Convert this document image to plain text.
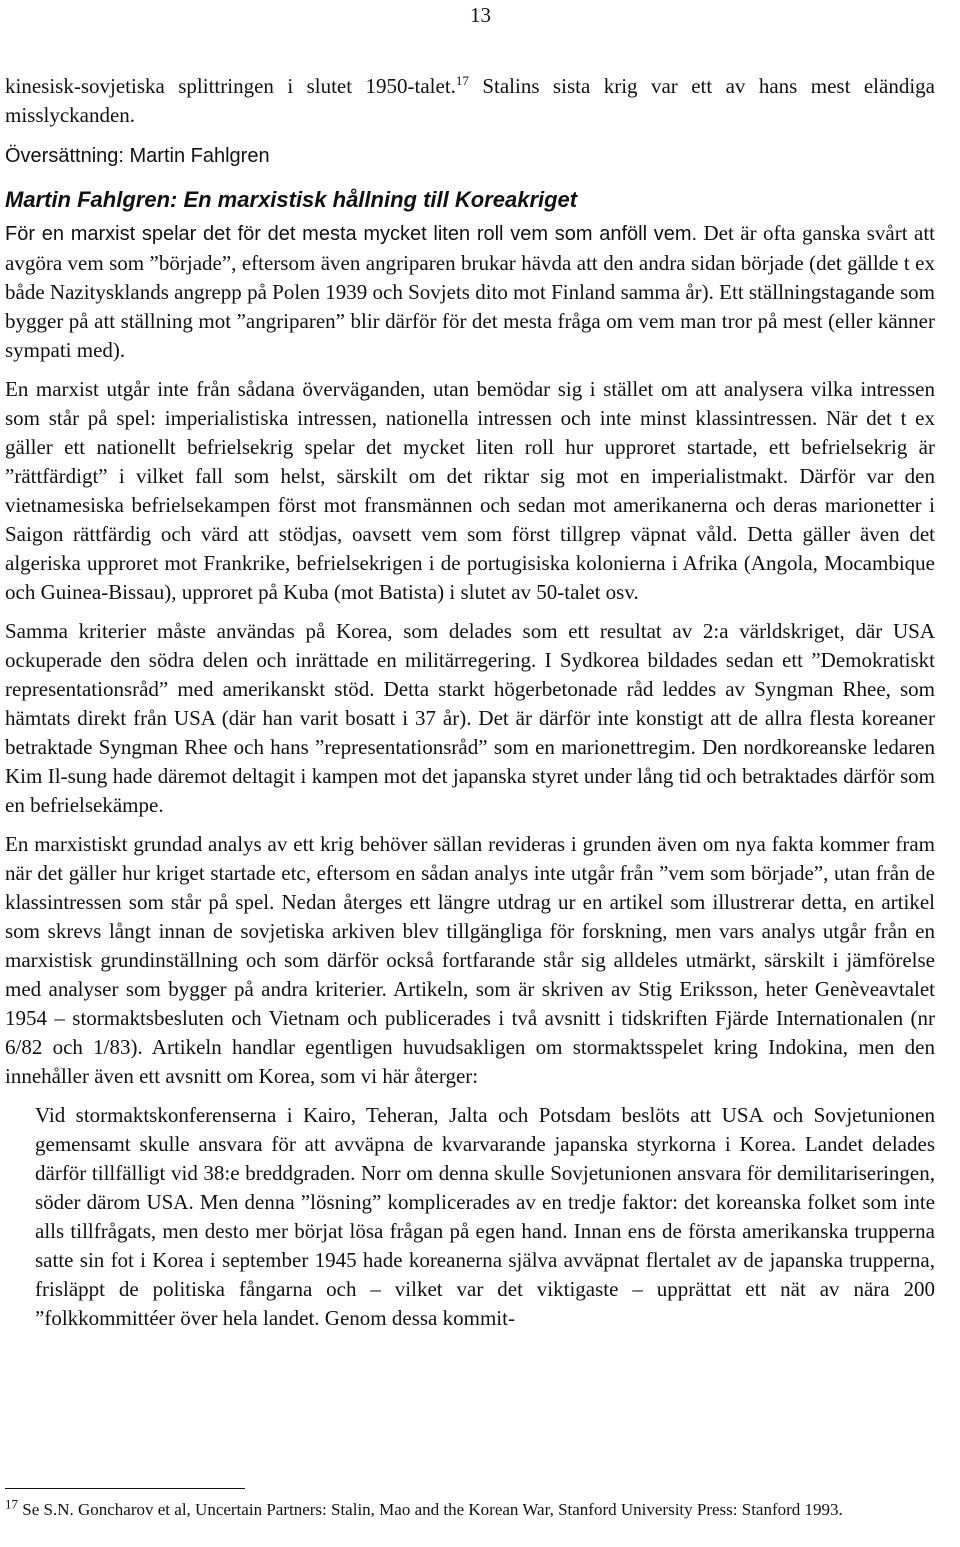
13

kinesisk-sovjetiska splittringen i slutet 1950-talet.$^{17}$ Stalins sista krig var ett av hans mest eländiga misslyckanden.

Översättning: Martin Fahlgren

Martin Fahlgren: En marxistisk hållning till Koreakriget

För en marxist spelar det för det mesta mycket liten roll vem som anföll vem. Det är ofta ganska svårt att avgöra vem som ”började”, eftersom även angriparen brukar hävda att den andra sidan började (det gällde t ex både Nazitysklands angrepp på Polen 1939 och Sovjets dito mot Finland samma år). Ett ställningstagande som bygger på att ställning mot ”angriparen” blir därför för det mesta fråga om vem man tror på mest (eller känner sympati med).

En marxist utgår inte från sådana överväganden, utan bemödar sig i stället om att analysera vilka intressen som står på spel: imperialistiska intressen, nationella intressen och inte minst klassintressen. När det t ex gäller ett nationellt befrielsekrig spelar det mycket liten roll hur upproret startade, ett befrielsekrig är ”rättfärdigt” i vilket fall som helst, särskilt om det riktar sig mot en imperialistmakt. Därför var den vietnamesiska befrielsekampen först mot fransmännen och sedan mot amerikanerna och deras marionetter i Saigon rättfärdig och värd att stödjas, oavsett vem som först tillgrep väpnat våld. Detta gäller även det algeriska upproret mot Frankrike, befrielsekrigen i de portugisiska kolonierna i Afrika (Angola, Mocambique och Guinea-Bissau), upproret på Kuba (mot Batista) i slutet av 50-talet osv.

Samma kriterier måste användas på Korea, som delades som ett resultat av 2:a världskriget, där USA ockuperade den södra delen och inrättade en militärregering. I Sydkorea bildades sedan ett ”Demokratiskt representationsråd” med amerikanskt stöd. Detta starkt högerbetonade råd leddes av Syngman Rhee, som hämtats direkt från USA (där han varit bosatt i 37 år). Det är därför inte konstigt att de allra flesta koreaner betraktade Syngman Rhee och hans ”representationsråd” som en marionettregim. Den nordkoreanske ledaren Kim Il-sung hade däremot deltagit i kampen mot det japanska styret under lång tid och betraktades därför som en befrielsekämpe.

En marxistiskt grundad analys av ett krig behöver sällan revideras i grunden även om nya fakta kommer fram när det gäller hur kriget startade etc, eftersom en sådan analys inte utgår från ”vem som började”, utan från de klassintressen som står på spel. Nedan återges ett längre utdrag ur en artikel som illustrerar detta, en artikel som skrevs långt innan de sovjetiska arkiven blev tillgängliga för forskning, men vars analys utgår från en marxistisk grundinställning och som därför också fortfarande står sig alldeles utmärkt, särskilt i jämförelse med analyser som bygger på andra kriterier. Artikeln, som är skriven av Stig Eriksson, heter Genèveavtalet 1954 – stormaktsbesluten och Vietnam och publicerades i två avsnitt i tidskriften Fjärde Internationalen (nr 6/82 och 1/83). Artikeln handlar egentligen huvudsakligen om stormaktsspelet kring Indokina, men den innehåller även ett avsnitt om Korea, som vi här återger:

Vid stormaktskonferenserna i Kairo, Teheran, Jalta och Potsdam beslöts att USA och Sovjetunionen gemensamt skulle ansvara för att avväpna de kvarvarande japanska styrkorna i Korea. Landet delades därför tillfälligt vid 38:e breddgraden. Norr om denna skulle Sovjetunionen ansvara för demilitariseringen, söder därom USA. Men denna ”lösning” komplicerades av en tredje faktor: det koreanska folket som inte alls tillfrågats, men desto mer börjat lösa frågan på egen hand. Innan ens de första amerikanska trupperna satte sin fot i Korea i september 1945 hade koreanerna själva avväpnat flertalet av de japanska trupperna, frisläppt de politiska fångarna och – vilket var det viktigaste – upprättat ett nät av nära 200 ”folkkommittéer över hela landet. Genom dessa kommit-
$^{17}$ Se S.N. Goncharov et al, Uncertain Partners: Stalin, Mao and the Korean War, Stanford University Press: Stanford 1993.
